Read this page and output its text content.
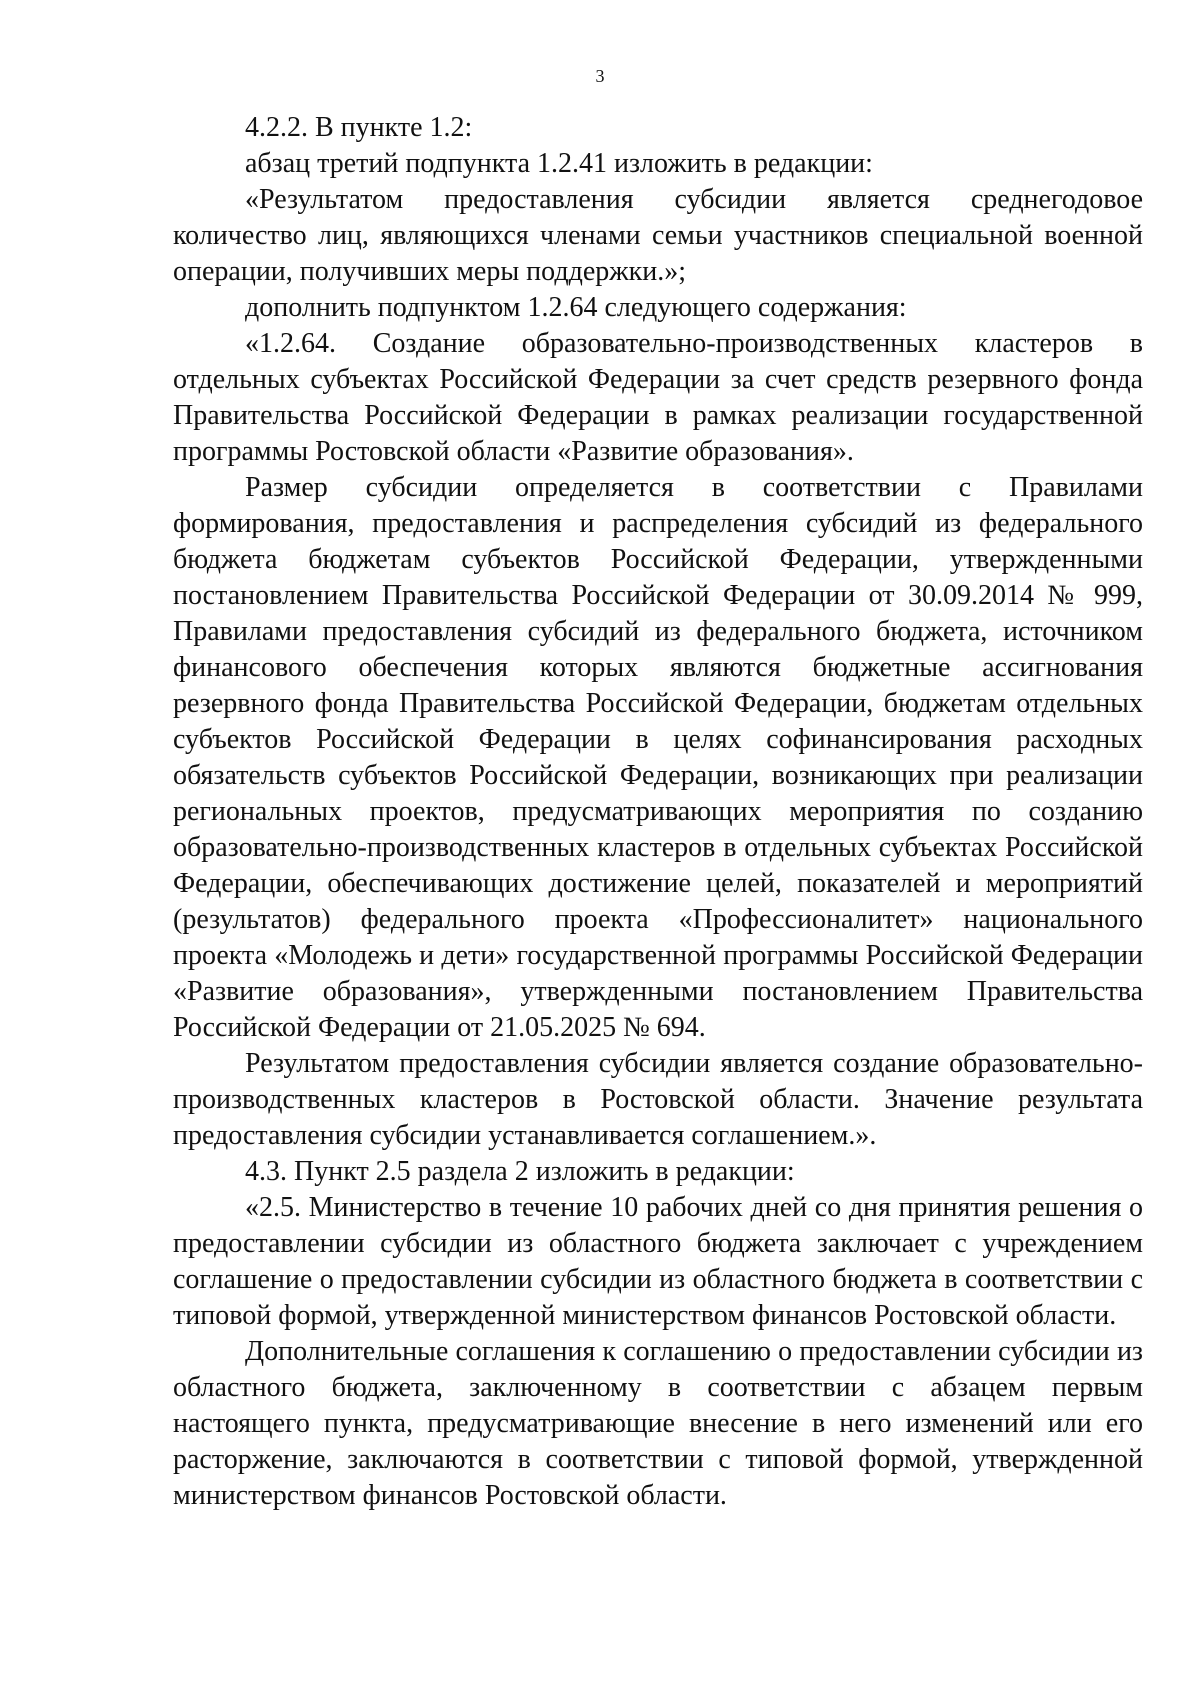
3

4.2.2. В пункте 1.2:

абзац третий подпункта 1.2.41 изложить в редакции:

«Результатом предоставления субсидии является среднегодовое количество лиц, являющихся членами семьи участников специальной военной операции, получивших меры поддержки.»;

дополнить подпунктом 1.2.64 следующего содержания:

«1.2.64. Создание образовательно-производственных кластеров в отдельных субъектах Российской Федерации за счет средств резервного фонда Правительства Российской Федерации в рамках реализации государственной программы Ростовской области «Развитие образования».

Размер субсидии определяется в соответствии с Правилами формирования, предоставления и распределения субсидий из федерального бюджета бюджетам субъектов Российской Федерации, утвержденными постановлением Правительства Российской Федерации от 30.09.2014 № 999, Правилами предоставления субсидий из федерального бюджета, источником финансового обеспечения которых являются бюджетные ассигнования резервного фонда Правительства Российской Федерации, бюджетам отдельных субъектов Российской Федерации в целях софинансирования расходных обязательств субъектов Российской Федерации, возникающих при реализации региональных проектов, предусматривающих мероприятия по созданию образовательно-производственных кластеров в отдельных субъектах Российской Федерации, обеспечивающих достижение целей, показателей и мероприятий (результатов) федерального проекта «Профессионалитет» национального проекта «Молодежь и дети» государственной программы Российской Федерации «Развитие образования», утвержденными постановлением Правительства Российской Федерации от 21.05.2025 № 694.

Результатом предоставления субсидии является создание образовательно-производственных кластеров в Ростовской области. Значение результата предоставления субсидии устанавливается соглашением.».

4.3. Пункт 2.5 раздела 2 изложить в редакции:

«2.5. Министерство в течение 10 рабочих дней со дня принятия решения о предоставлении субсидии из областного бюджета заключает с учреждением соглашение о предоставлении субсидии из областного бюджета в соответствии с типовой формой, утвержденной министерством финансов Ростовской области.

Дополнительные соглашения к соглашению о предоставлении субсидии из областного бюджета, заключенному в соответствии с абзацем первым настоящего пункта, предусматривающие внесение в него изменений или его расторжение, заключаются в соответствии с типовой формой, утвержденной министерством финансов Ростовской области.
